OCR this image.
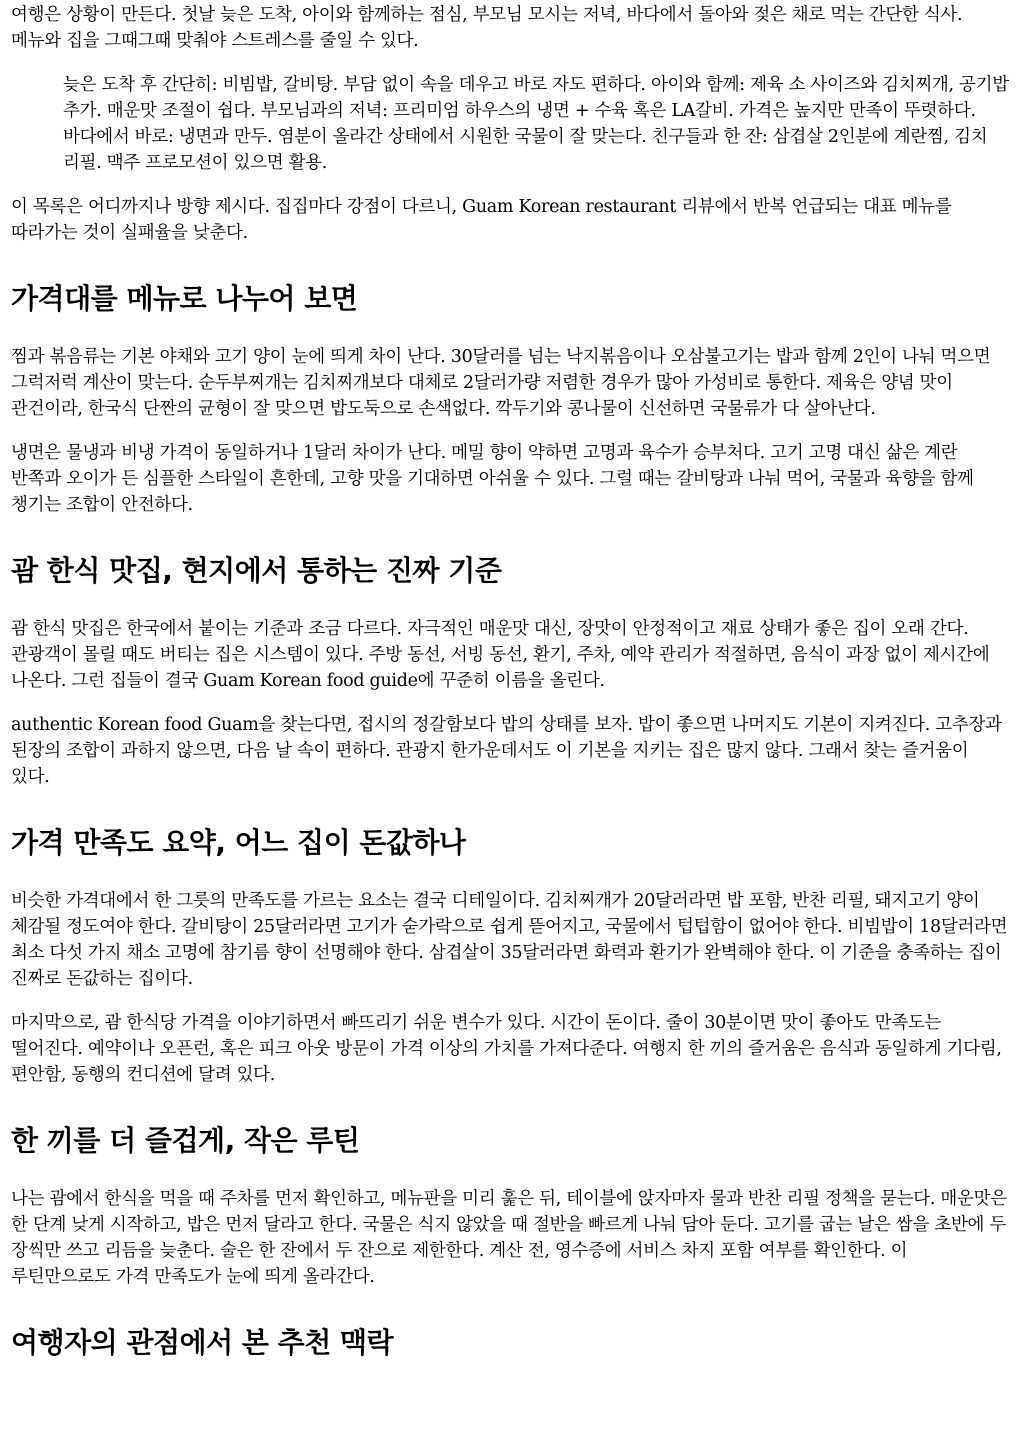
여행은 상황이 만든다. 첫날 늦은 도착, 아이와 함께하는 점심, 부모님 모시는 저녁, 바다에서 돌아와 젖은 채로 먹는 간단한 식사. 메뉴와 집을 그때그때 맞춰야 스트레스를 줄일 수 있다.

늦은 도착 후 간단히: 비빔밥, 갈비탕. 부담 없이 속을 데우고 바로 자도 편하다. 아이와 함께: 제육 소 사이즈와 김치찌개, 공기밥 추가. 매운맛 조절이 쉽다. 부모님과의 저녁: 프리미엄 하우스의 냉면 + 수육 혹은 LA갈비. 가격은 높지만 만족이 뚜렷하다. 바다에서 바로: 냉면과 만두. 염분이 올라간 상태에서 시원한 국물이 잘 맞는다. 친구들과 한 잔: 삼겹살 2인분에 계란찜, 김치 리필. 맥주 프로모션이 있으면 활용.

이 목록은 어디까지나 방향 제시다. 집집마다 강점이 다르니, Guam Korean restaurant 리뷰에서 반복 언급되는 대표 메뉴를 따라가는 것이 실패율을 낮춘다.

가격대를 메뉴로 나누어 보면

찜과 볶음류는 기본 야채와 고기 양이 눈에 띄게 차이 난다. 30달러를 넘는 낙지볶음이나 오삼불고기는 밥과 함께 2인이 나눠 먹으면 그럭저럭 계산이 맞는다. 순두부찌개는 김치찌개보다 대체로 2달러가량 저렴한 경우가 많아 가성비로 통한다. 제육은 양념 맛이 관건이라, 한국식 단짠의 균형이 잘 맞으면 밥도둑으로 손색없다. 깍두기와 콩나물이 신선하면 국물류가 다 살아난다.

냉면은 물냉과 비냉 가격이 동일하거나 1달러 차이가 난다. 메밀 향이 약하면 고명과 육수가 승부처다. 고기 고명 대신 삶은 계란 반쪽과 오이가 든 심플한 스타일이 흔한데, 고향 맛을 기대하면 아쉬울 수 있다. 그럴 때는 갈비탕과 나눠 먹어, 국물과 육향을 함께 챙기는 조합이 안전하다.

괌 한식 맛집, 현지에서 통하는 진짜 기준

괌 한식 맛집은 한국에서 붙이는 기준과 조금 다르다. 자극적인 매운맛 대신, 장맛이 안정적이고 재료 상태가 좋은 집이 오래 간다. 관광객이 몰릴 때도 버티는 집은 시스템이 있다. 주방 동선, 서빙 동선, 환기, 주차, 예약 관리가 적절하면, 음식이 과장 없이 제시간에 나온다. 그런 집들이 결국 Guam Korean food guide에 꾸준히 이름을 올린다.

authentic Korean food Guam을 찾는다면, 접시의 정갈함보다 밥의 상태를 보자. 밥이 좋으면 나머지도 기본이 지켜진다. 고추장과 된장의 조합이 과하지 않으면, 다음 날 속이 편하다. 관광지 한가운데서도 이 기본을 지키는 집은 많지 않다. 그래서 찾는 즐거움이 있다.

가격 만족도 요약, 어느 집이 돈값하나

비슷한 가격대에서 한 그릇의 만족도를 가르는 요소는 결국 디테일이다. 김치찌개가 20달러라면 밥 포함, 반찬 리필, 돼지고기 양이 체감될 정도여야 한다. 갈비탕이 25달러라면 고기가 숟가락으로 쉽게 뜯어지고, 국물에서 텁텁함이 없어야 한다. 비빔밥이 18달러라면 최소 다섯 가지 채소 고명에 참기름 향이 선명해야 한다. 삼겹살이 35달러라면 화력과 환기가 완벽해야 한다. 이 기준을 충족하는 집이 진짜로 돈값하는 집이다.

마지막으로, 괌 한식당 가격을 이야기하면서 빠뜨리기 쉬운 변수가 있다. 시간이 돈이다. 줄이 30분이면 맛이 좋아도 만족도는 떨어진다. 예약이나 오픈런, 혹은 피크 아웃 방문이 가격 이상의 가치를 가져다준다. 여행지 한 끼의 즐거움은 음식과 동일하게 기다림, 편안함, 동행의 컨디션에 달려 있다.

한 끼를 더 즐겁게, 작은 루틴

나는 괌에서 한식을 먹을 때 주차를 먼저 확인하고, 메뉴판을 미리 훑은 뒤, 테이블에 앉자마자 물과 반찬 리필 정책을 묻는다. 매운맛은 한 단계 낮게 시작하고, 밥은 먼저 달라고 한다. 국물은 식지 않았을 때 절반을 빠르게 나눠 담아 둔다. 고기를 굽는 날은 쌈을 초반에 두 장씩만 쓰고 리듬을 늦춘다. 술은 한 잔에서 두 잔으로 제한한다. 계산 전, 영수증에 서비스 차지 포함 여부를 확인한다. 이 루틴만으로도 가격 만족도가 눈에 띄게 올라간다.

여행자의 관점에서 본 추천 맥락
